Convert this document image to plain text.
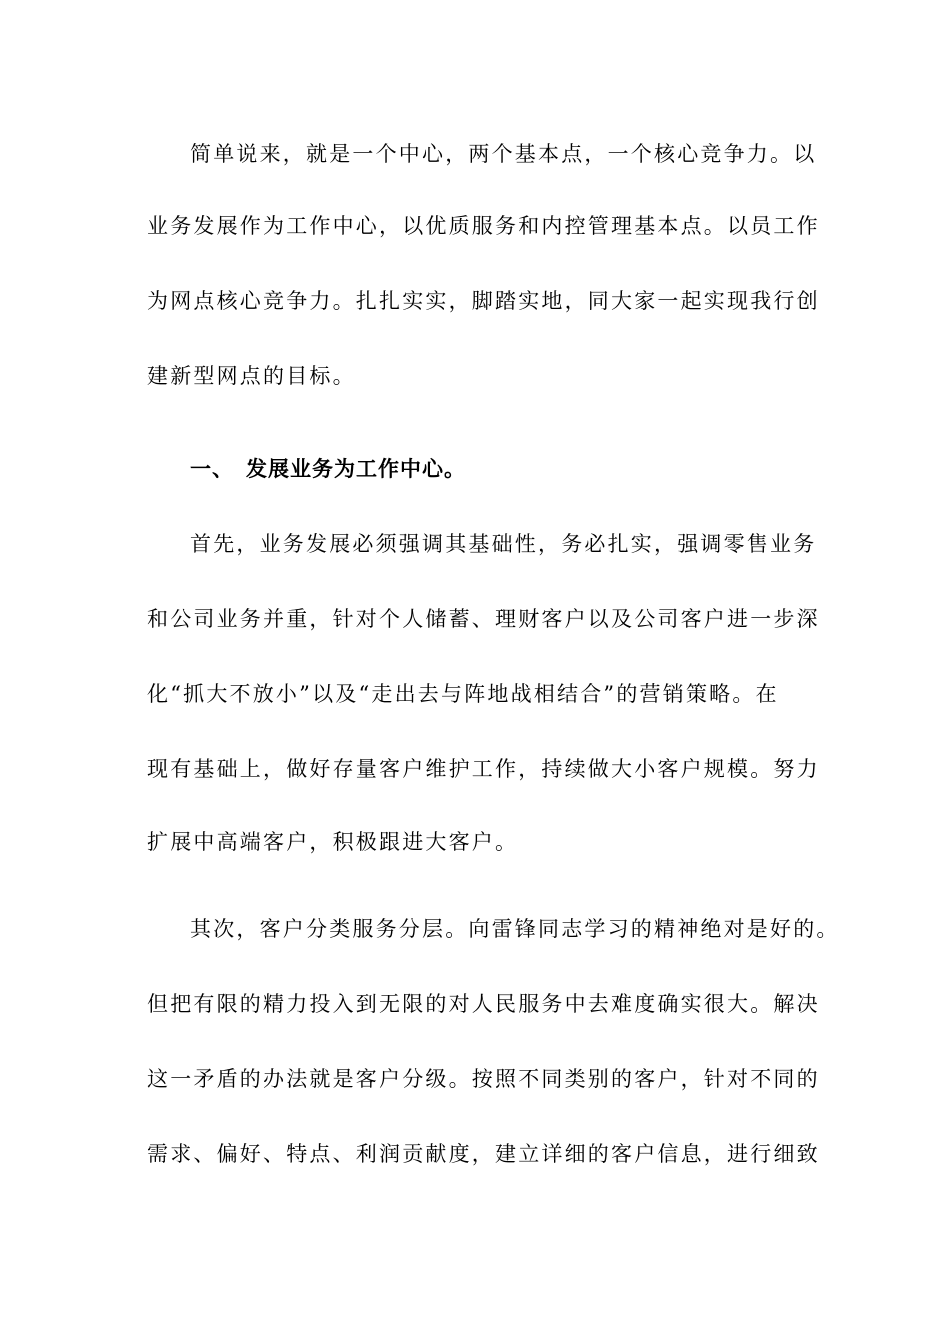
简单说来，就是一个中心，两个基本点，一个核心竞争力。以
业务发展作为工作中心，以优质服务和内控管理基本点。以员工作
为网点核心竞争力。扎扎实实，脚踏实地，同大家一起实现我行创
建新型网点的目标。
一、 发展业务为工作中心。
首先，业务发展必须强调其基础性，务必扎实，强调零售业务
和公司业务并重，针对个人储蓄、理财客户以及公司客户进一步深
化“抓大不放小”以及“走出去与阵地战相结合”的营销策略。在
现有基础上，做好存量客户维护工作，持续做大小客户规模。努力
扩展中高端客户，积极跟进大客户。
其次，客户分类服务分层。向雷锋同志学习的精神绝对是好的。
但把有限的精力投入到无限的对人民服务中去难度确实很大。解决
这一矛盾的办法就是客户分级。按照不同类别的客户，针对不同的
需求、偏好、特点、利润贡献度，建立详细的客户信息，进行细致
